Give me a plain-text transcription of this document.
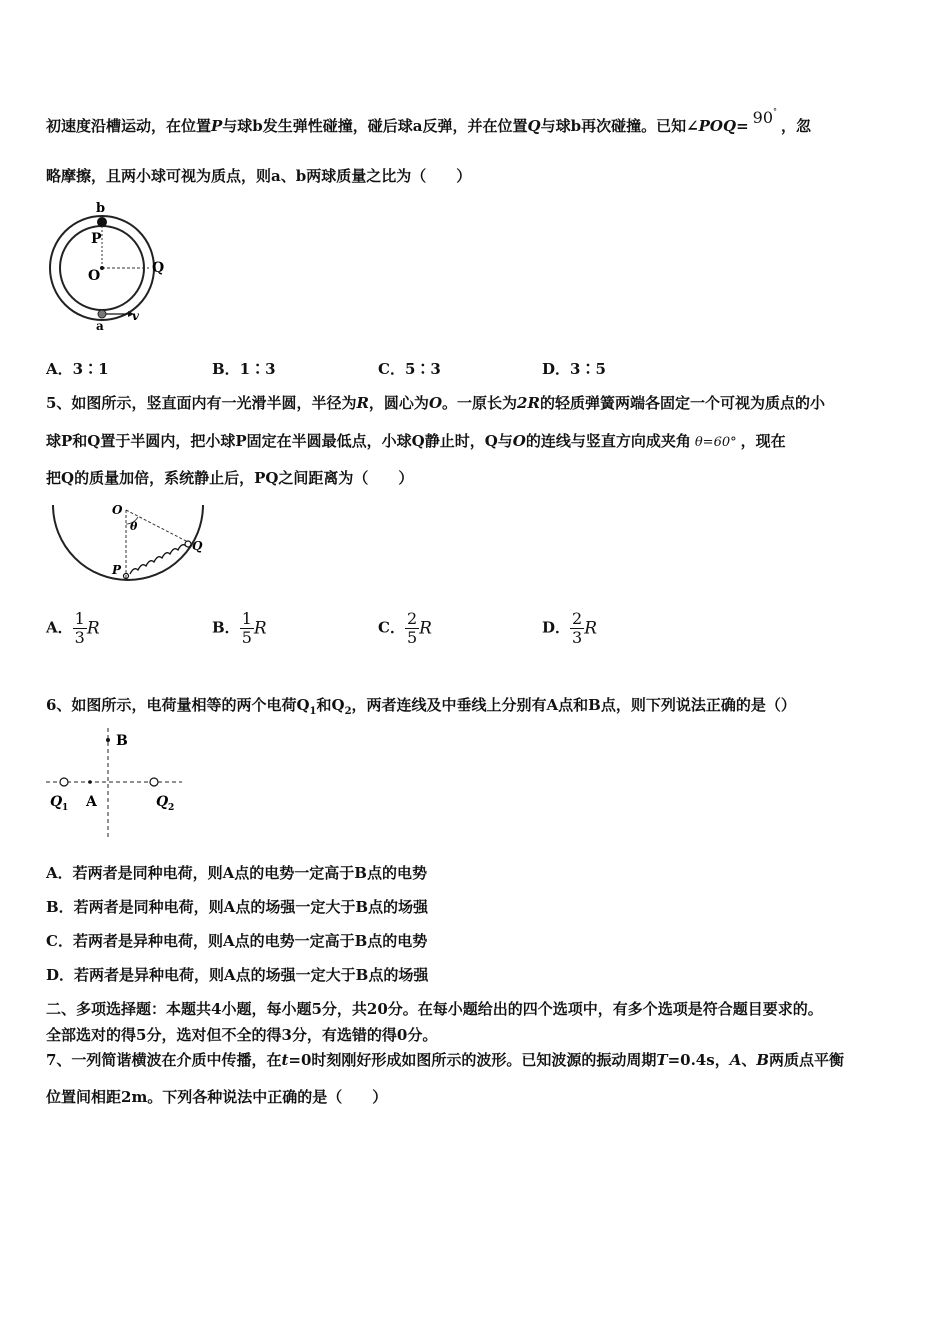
初速度沿槽运动，在位置P与球b发生弹性碰撞，碰后球a反弹，并在位置Q与球b再次碰撞。已知∠POQ= 90°，忽
略摩擦，且两小球可视为质点，则a、b两球质量之比为（　　）
b
P
O	Q
a
v
A．3∶1	B．1∶3	C．5∶3	D．3∶5
5、如图所示，竖直面内有一光滑半圆，半径为R，圆心为O。一原长为2R的轻质弹簧两端各固定一个可视为质点的小
球P和Q置于半圆内，把小球P固定在半圆最低点，小球Q静止时，Q与O的连线与竖直方向成夹角 θ=60° ，现在
把Q的质量加倍，系统静止后，PQ之间距离为（　　）
O
θ
Q
P
A． $\frac{1}{3}$ R	B． $\frac{1}{5}$ R	C． $\frac{2}{5}$ R	D． $\frac{2}{3}$ R
6、如图所示，电荷量相等的两个电荷$Q_1$和$Q_2$，两者连线及中垂线上分别有A点和B点，则下列说法正确的是（）
B
Q 1 A	Q 2
A．若两者是同种电荷，则A点的电势一定高于B点的电势
B．若两者是同种电荷，则A点的场强一定大于B点的场强
C．若两者是异种电荷，则A点的电势一定高于B点的电势
D．若两者是异种电荷，则A点的场强一定大于B点的场强
二、多项选择题：本题共4小题，每小题5分，共20分。在每小题给出的四个选项中，有多个选项是符合题目要求的。
全部选对的得5分，选对但不全的得3分，有选错的得0分。
7、一列简谐横波在介质中传播，在t=0时刻刚好形成如图所示的波形。已知波源的振动周期T=0.4s，A、B两质点平衡
位置间相距2m。下列各种说法中正确的是（　　）
